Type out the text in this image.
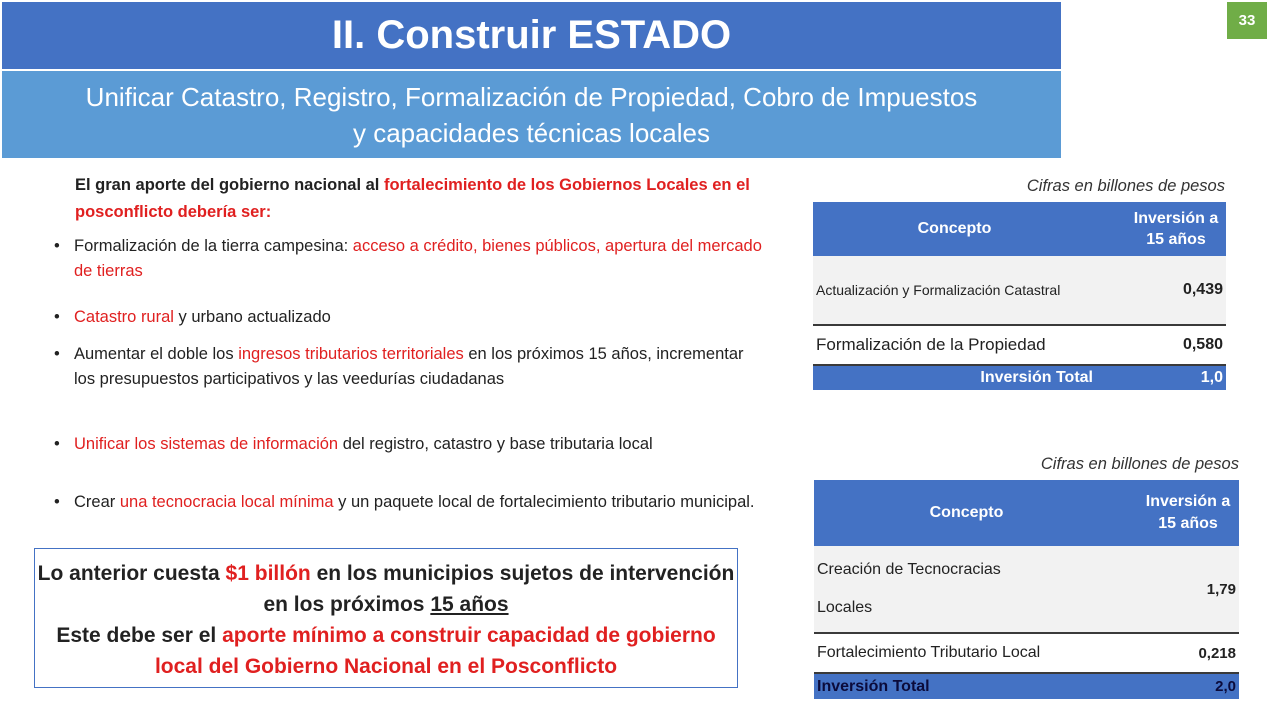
II. Construir ESTADO
Unificar Catastro, Registro, Formalización de Propiedad, Cobro de Impuestos
y capacidades técnicas locales
33
El gran aporte del gobierno nacional al fortalecimiento de los Gobiernos Locales en el posconflicto debería ser:
• Formalización de la tierra campesina: acceso a crédito, bienes públicos, apertura del mercado de tierras
• Catastro rural y urbano actualizado
• Aumentar el doble los ingresos tributarios territoriales en los próximos 15 años, incrementar los presupuestos participativos y las veedurías ciudadanas
• Unificar los sistemas de información del registro, catastro y base tributaria local
• Crear una tecnocracia local mínima y un paquete local de fortalecimiento tributario municipal.
Lo anterior cuesta $1 billón en los municipios sujetos de intervención en los próximos 15 años
Este debe ser el aporte mínimo a construir capacidad de gobierno local del Gobierno Nacional en el Posconflicto
Cifras en billones de pesos
Concepto	Inversión a 15 años
Actualización y Formalización Catastral	0,439
Formalización de la Propiedad	0,580
Inversión Total	1,0
Cifras en billones de pesos
Concepto	Inversión a 15 años
Creación de Tecnocracias Locales	1,79
Fortalecimiento Tributario Local	0,218
Inversión Total	2,0
